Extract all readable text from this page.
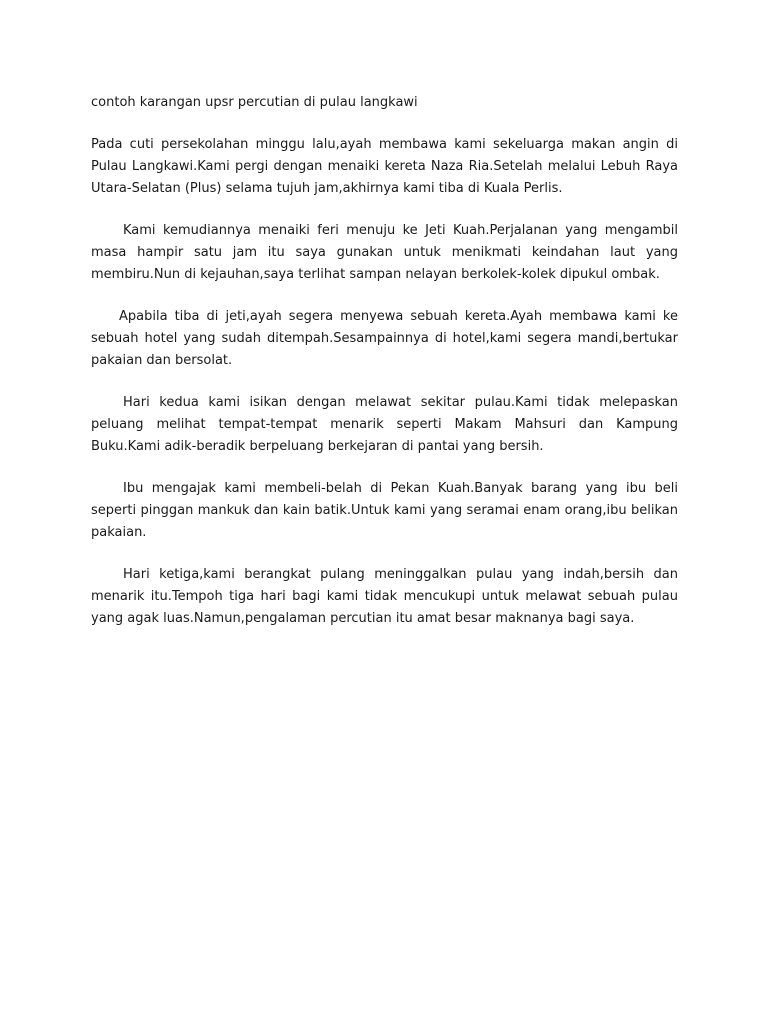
contoh karangan upsr percutian di pulau langkawi

Pada cuti persekolahan minggu lalu,ayah membawa kami sekeluarga makan angin di Pulau Langkawi.Kami pergi dengan menaiki kereta Naza Ria.Setelah melalui Lebuh Raya Utara-Selatan (Plus) selama tujuh jam,akhirnya kami tiba di Kuala Perlis.

Kami kemudiannya menaiki feri menuju ke Jeti Kuah.Perjalanan yang mengambil masa hampir satu jam itu saya gunakan untuk menikmati keindahan laut yang membiru.Nun di kejauhan,saya terlihat sampan nelayan berkolek-kolek dipukul ombak.

Apabila tiba di jeti,ayah segera menyewa sebuah kereta.Ayah membawa kami ke sebuah hotel yang sudah ditempah.Sesampainnya di hotel,kami segera mandi,bertukar pakaian dan bersolat.

Hari kedua kami isikan dengan melawat sekitar pulau.Kami tidak melepaskan peluang melihat tempat-tempat menarik seperti Makam Mahsuri dan Kampung Buku.Kami adik-beradik berpeluang berkejaran di pantai yang bersih.

Ibu mengajak kami membeli-belah di Pekan Kuah.Banyak barang yang ibu beli seperti pinggan mankuk dan kain batik.Untuk kami yang seramai enam orang,ibu belikan pakaian.

Hari ketiga,kami berangkat pulang meninggalkan pulau yang indah,bersih dan menarik itu.Tempoh tiga hari bagi kami tidak mencukupi untuk melawat sebuah pulau yang agak luas.Namun,pengalaman percutian itu amat besar maknanya bagi saya.
